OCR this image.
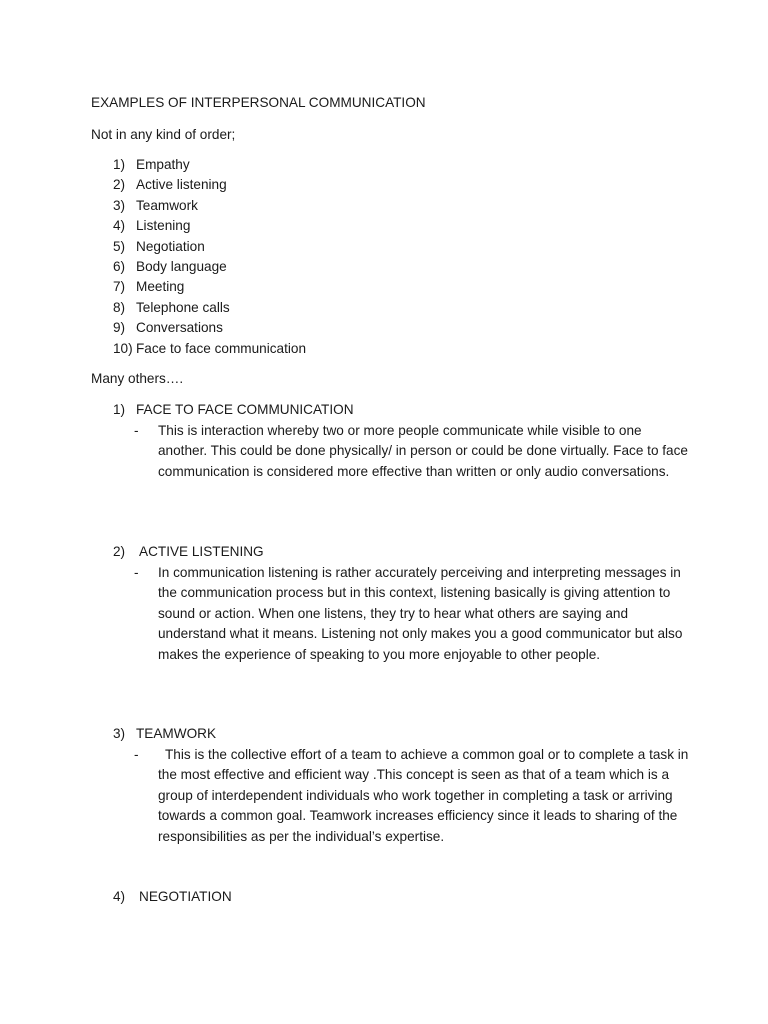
EXAMPLES OF INTERPERSONAL COMMUNICATION
Not in any kind of order;
1) Empathy
2) Active listening
3) Teamwork
4) Listening
5) Negotiation
6) Body language
7) Meeting
8) Telephone calls
9) Conversations
10) Face to face communication
Many others….
1) FACE TO FACE COMMUNICATION
- This is interaction whereby two or more people communicate while visible to one another. This could be done physically/ in person or could be done virtually. Face to face communication is considered more effective than written or only audio conversations.
2) ACTIVE LISTENING
- In communication listening is rather accurately perceiving and interpreting messages in the communication process but in this context, listening basically is giving attention to sound or action. When one listens, they try to hear what others are saying and understand what it means. Listening not only makes you a good communicator but also makes the experience of speaking to you more enjoyable to other people.
3) TEAMWORK
- This is the collective effort of a team to achieve a common goal or to complete a task in the most effective and efficient way .This concept is seen as that of a team which is a group of interdependent individuals who work together in completing a task or arriving towards a common goal. Teamwork increases efficiency since it leads to sharing of the responsibilities as per the individual’s expertise.
4) NEGOTIATION
